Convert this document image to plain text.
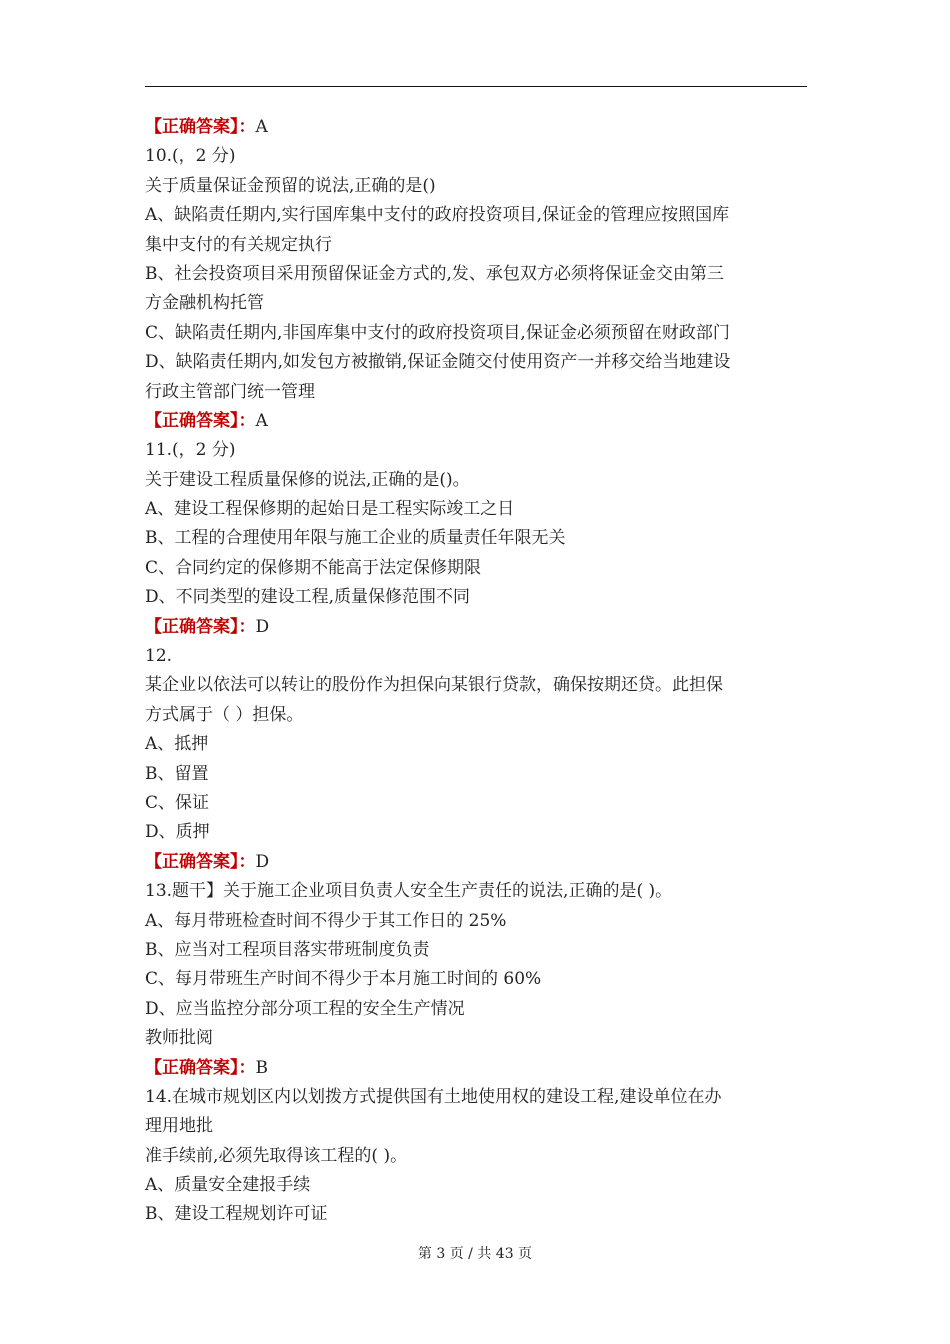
【正确答案】：A
10.(，2 分)
关于质量保证金预留的说法,正确的是()
A、缺陷责任期内,实行国库集中支付的政府投资项目,保证金的管理应按照国库
集中支付的有关规定执行
B、社会投资项目采用预留保证金方式的,发、承包双方必须将保证金交由第三
方金融机构托管
C、缺陷责任期内,非国库集中支付的政府投资项目,保证金必须预留在财政部门
D、缺陷责任期内,如发包方被撤销,保证金随交付使用资产一并移交给当地建设
行政主管部门统一管理
【正确答案】：A
11.(，2 分)
关于建设工程质量保修的说法,正确的是()。
A、建设工程保修期的起始日是工程实际竣工之日
B、工程的合理使用年限与施工企业的质量责任年限无关
C、合同约定的保修期不能高于法定保修期限
D、不同类型的建设工程,质量保修范围不同
【正确答案】：D
12.
某企业以依法可以转让的股份作为担保向某银行贷款，确保按期还贷。此担保
方式属于（ ）担保。
A、抵押
B、留置
C、保证
D、质押
【正确答案】：D
13.题干】关于施工企业项目负责人安全生产责任的说法,正确的是( )。
A、每月带班检查时间不得少于其工作日的 25%
B、应当对工程项目落实带班制度负责
C、每月带班生产时间不得少于本月施工时间的 60%
D、应当监控分部分项工程的安全生产情况
教师批阅
【正确答案】：B
14.在城市规划区内以划拨方式提供国有土地使用权的建设工程,建设单位在办
理用地批
准手续前,必须先取得该工程的( )。
A、质量安全建报手续
B、建设工程规划许可证
第 3 页 / 共 43 页
